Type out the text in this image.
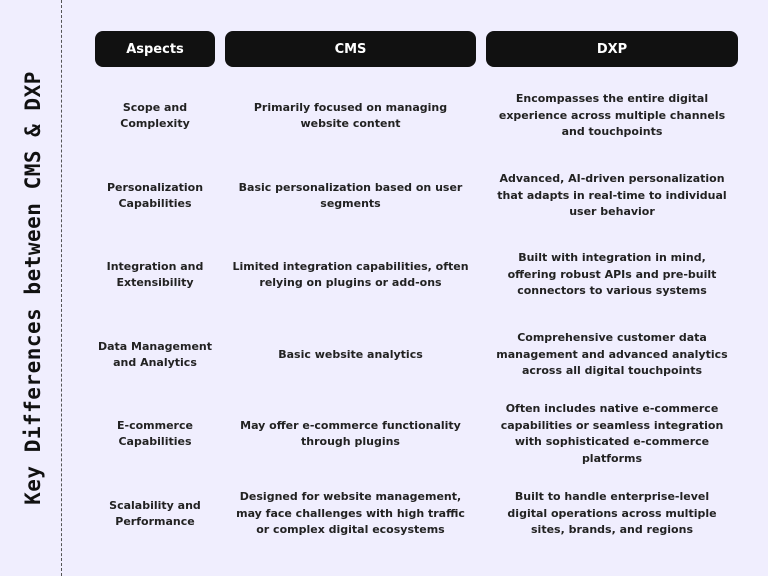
Key Differences between CMS & DXP
Aspects	CMS	DXP
Scope and Complexity
Primarily focused on managing website content
Encompasses the entire digital experience across multiple channels and touchpoints
Personalization Capabilities
Basic personalization based on user segments
Advanced, AI-driven personalization that adapts in real-time to individual user behavior
Integration and Extensibility
Limited integration capabilities, often relying on plugins or add-ons
Built with integration in mind, offering robust APIs and pre-built connectors to various systems
Data Management and Analytics
Basic website analytics
Comprehensive customer data management and advanced analytics across all digital touchpoints
E-commerce Capabilities
May offer e-commerce functionality through plugins
Often includes native e-commerce capabilities or seamless integration with sophisticated e-commerce platforms
Scalability and Performance
Designed for website management, may face challenges with high traffic or complex digital ecosystems
Built to handle enterprise-level digital operations across multiple sites, brands, and regions
